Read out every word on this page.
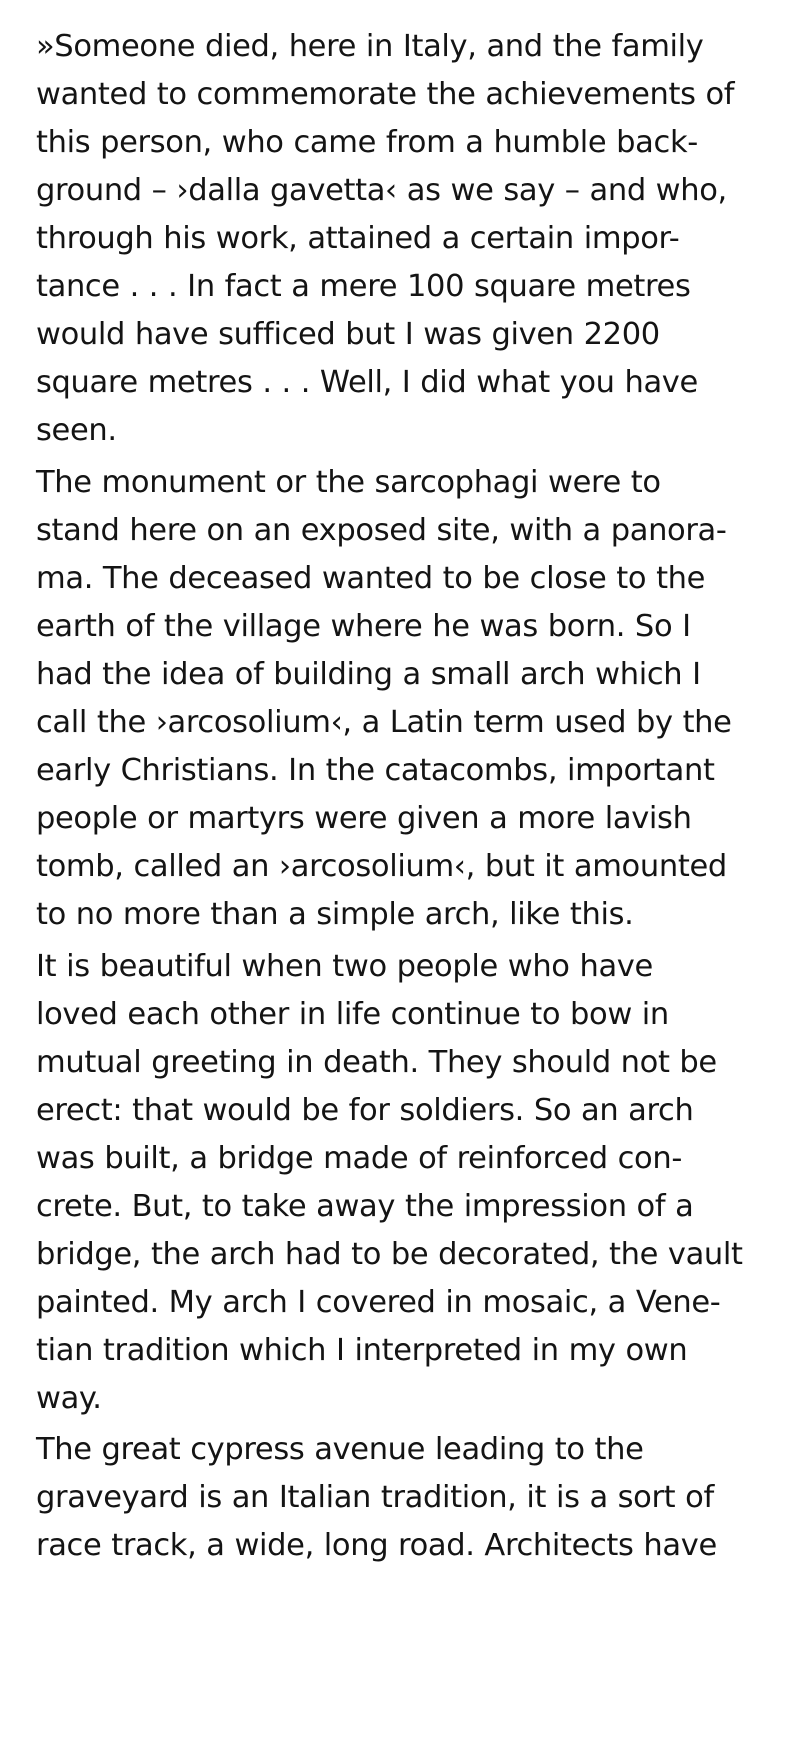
»Someone died, here in Italy, and the family
wanted to commemorate the achievements of
this person, who came from a humble back-
ground – ›dalla gavetta‹ as we say – and who,
through his work, attained a certain impor-
tance . . . In fact a mere 100 square metres
would have sufficed but I was given 2200
square metres . . . Well, I did what you have
seen.
The monument or the sarcophagi were to
stand here on an exposed site, with a panora-
ma. The deceased wanted to be close to the
earth of the village where he was born. So I
had the idea of building a small arch which I
call the ›arcosolium‹, a Latin term used by the
early Christians. In the catacombs, important
people or martyrs were given a more lavish
tomb, called an ›arcosolium‹, but it amounted
to no more than a simple arch, like this.
It is beautiful when two people who have
loved each other in life continue to bow in
mutual greeting in death. They should not be
erect: that would be for soldiers. So an arch
was built, a bridge made of reinforced con-
crete. But, to take away the impression of a
bridge, the arch had to be decorated, the vault
painted. My arch I covered in mosaic, a Vene-
tian tradition which I interpreted in my own
way.
The great cypress avenue leading to the
graveyard is an Italian tradition, it is a sort of
race track, a wide, long road. Architects have
